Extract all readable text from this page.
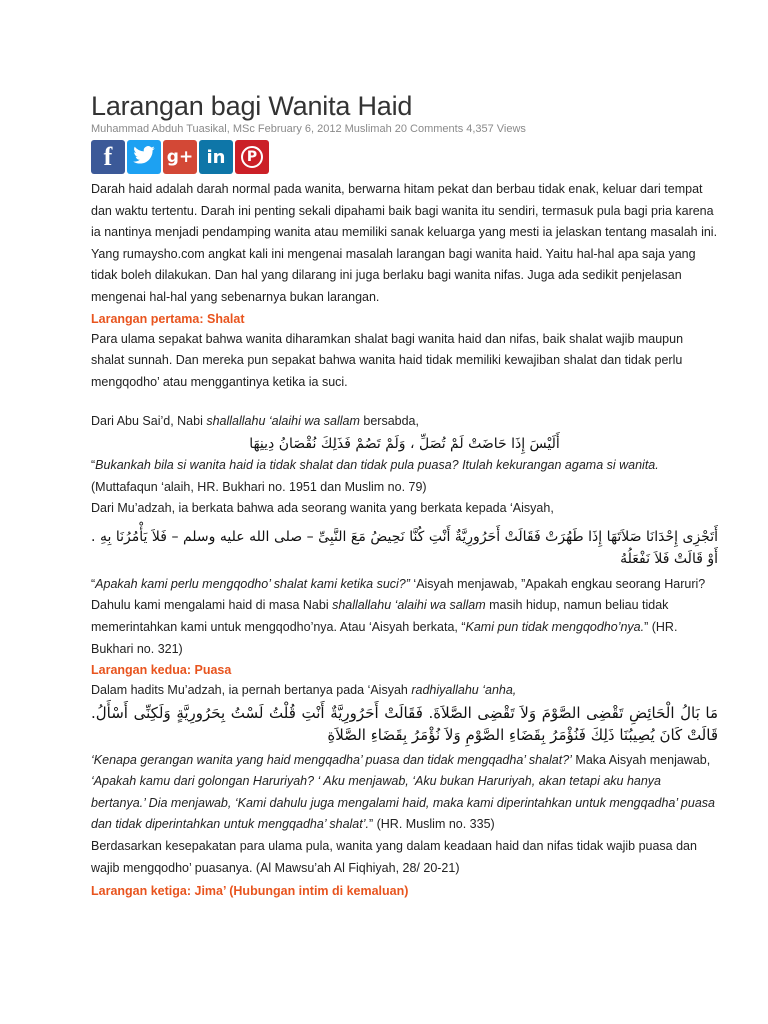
Larangan bagi Wanita Haid
Muhammad Abduh Tuasikal, MSc February 6, 2012 Muslimah 20 Comments 4,357 Views
f	g+ in P

Darah haid adalah darah normal pada wanita, berwarna hitam pekat dan berbau tidak enak, keluar dari tempat dan waktu tertentu. Darah ini penting sekali dipahami baik bagi wanita itu sendiri, termasuk pula bagi pria karena ia nantinya menjadi pendamping wanita atau memiliki sanak keluarga yang mesti ia jelaskan tentang masalah ini. Yang rumaysho.com angkat kali ini mengenai masalah larangan bagi wanita haid. Yaitu hal-hal apa saja yang tidak boleh dilakukan. Dan hal yang dilarang ini juga berlaku bagi wanita nifas. Juga ada sedikit penjelasan mengenai hal-hal yang sebenarnya bukan larangan.

Larangan pertama: Shalat

Para ulama sepakat bahwa wanita diharamkan shalat bagi wanita haid dan nifas, baik shalat wajib maupun shalat sunnah. Dan mereka pun sepakat bahwa wanita haid tidak memiliki kewajiban shalat dan tidak perlu mengqodho’ atau menggantinya ketika ia suci.

Dari Abu Sai’d, Nabi shallallahu ‘alaihi wa sallam bersabda,

أَلَيْسَ إِذَا حَاضَتْ لَمْ تُصَلِّ ، وَلَمْ تَصُمْ فَذَلِكَ نُقْصَانُ دِينِهَا

“Bukankah bila si wanita haid ia tidak shalat dan tidak pula puasa? Itulah kekurangan agama si wanita.

(Muttafaqun ‘alaih, HR. Bukhari no. 1951 dan Muslim no. 79)

Dari Mu’adzah, ia berkata bahwa ada seorang wanita yang berkata kepada ‘Aisyah,

أَتَجْزِى إِحْدَانَا صَلاَتَهَا إِذَا طَهُرَتْ فَقَالَتْ أَحَرُورِيَّةٌ أَنْتِ كُنَّا نَحِيضُ مَعَ النَّبِىِّ – صلى الله عليه وسلم – فَلاَ يَأْمُرُنَا بِهِ . أَوْ قَالَتْ فَلاَ نَفْعَلُهُ

“Apakah kami perlu mengqodho’ shalat kami ketika suci?” ‘Aisyah menjawab, ”Apakah engkau seorang Haruri? Dahulu kami mengalami haid di masa Nabi shallallahu ‘alaihi wa sallam masih hidup, namun beliau tidak memerintahkan kami untuk mengqodho’nya. Atau ‘Aisyah berkata, “Kami pun tidak mengqodho’nya.” (HR. Bukhari no. 321)

Larangan kedua: Puasa

Dalam hadits Mu’adzah, ia pernah bertanya pada ‘Aisyah radhiyallahu ‘anha,

مَا بَالُ الْحَائِضِ تَقْضِى الصَّوْمَ وَلاَ تَقْضِى الصَّلاَةَ. فَقَالَتْ أَحَرُورِيَّةٌ أَنْتِ قُلْتُ لَسْتُ بِحَرُورِيَّةٍ وَلَكِنِّى أَسْأَلُ. قَالَتْ كَانَ يُصِيبُنَا ذَلِكَ فَنُؤْمَرُ بِقَضَاءِ الصَّوْمِ وَلاَ نُؤْمَرُ بِقَضَاءِ الصَّلاَةِ

‘Kenapa gerangan wanita yang haid mengqadha’ puasa dan tidak mengqadha’ shalat?’ Maka Aisyah menjawab, ‘Apakah kamu dari golongan Haruriyah? ‘ Aku menjawab, ‘Aku bukan Haruriyah, akan tetapi aku hanya bertanya.’ Dia menjawab, ‘Kami dahulu juga mengalami haid, maka kami diperintahkan untuk mengqadha’ puasa dan tidak diperintahkan untuk mengqadha’ shalat’.” (HR. Muslim no. 335)

Berdasarkan kesepakatan para ulama pula, wanita yang dalam keadaan haid dan nifas tidak wajib puasa dan wajib mengqodho’ puasanya. (Al Mawsu’ah Al Fiqhiyah, 28/ 20-21)

Larangan ketiga: Jima’ (Hubungan intim di kemaluan)
